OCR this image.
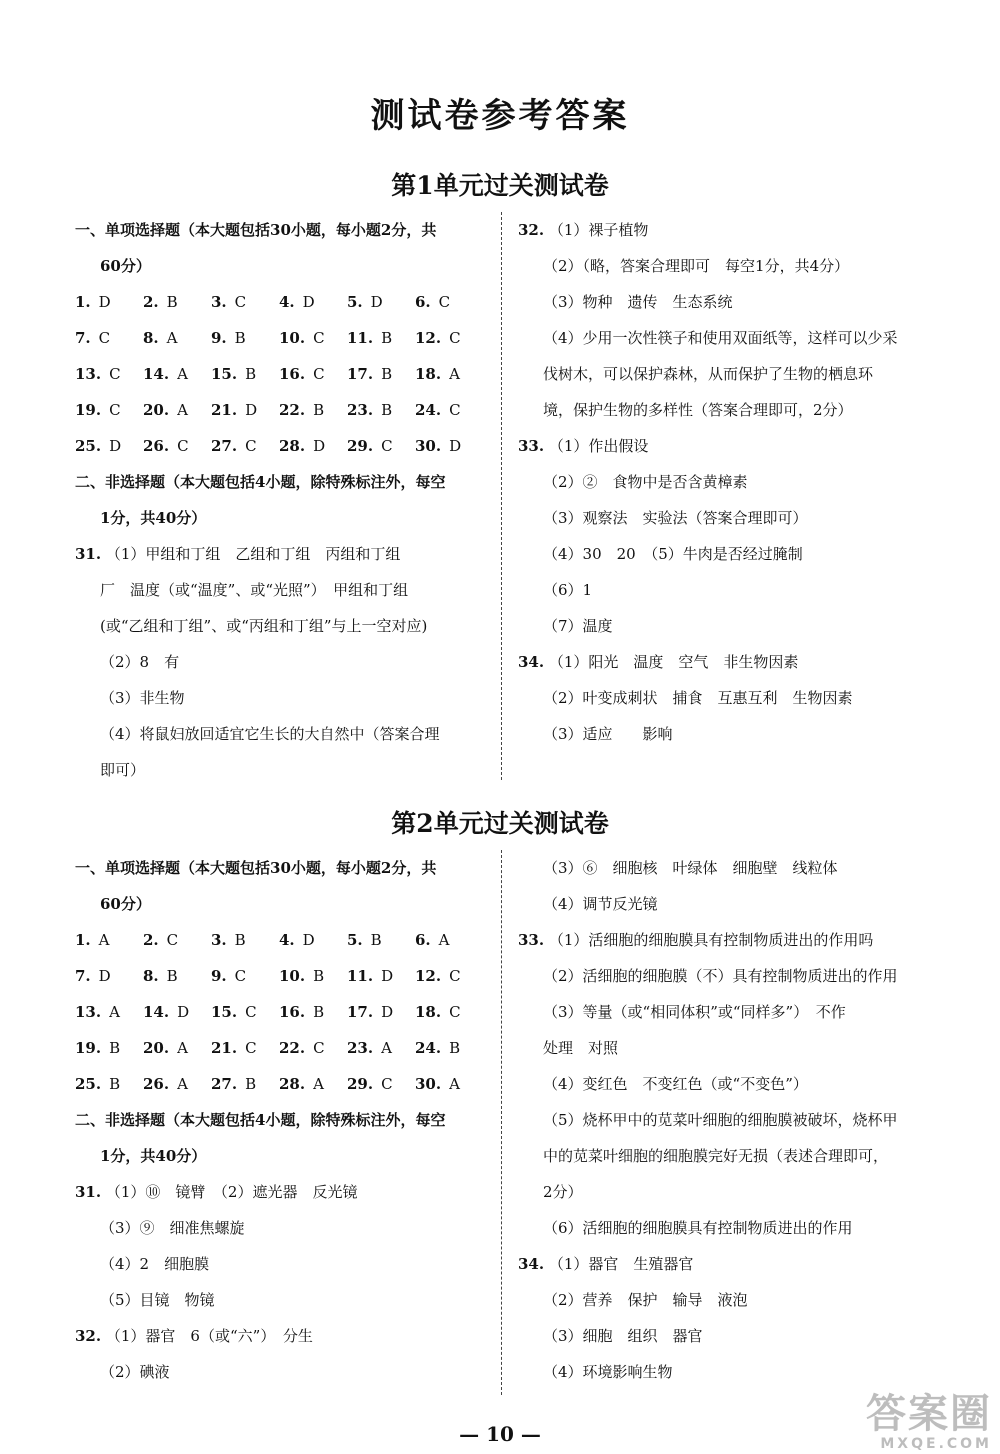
测试卷参考答案
第1单元过关测试卷
一、单项选择题（本大题包括30小题，每小题2分，共
60分）
1. D	2. B	3. C	4. D	5. D	6. C
7. C	8. A	9. B	10. C	11. B	12. C
13. C	14. A	15. B	16. C	17. B	18. A
19. C	20. A	21. D	22. B	23. B	24. C
25. D	26. C	27. C	28. D	29. C	30. D
二、非选择题（本大题包括4小题，除特殊标注外，每空
1分，共40分）
31. （1）甲组和丁组　乙组和丁组　丙组和丁组
厂　温度（或“温度”、或“光照”）　甲组和丁组
(或“乙组和丁组”、或“丙组和丁组”与上一空对应)
（2）8　有
（3）非生物
（4）将鼠妇放回适宜它生长的大自然中（答案合理
即可）
32. （1）裸子植物
（2）（略，答案合理即可　每空1分，共4分）
（3）物种　遗传　生态系统
（4）少用一次性筷子和使用双面纸等，这样可以少采
伐树木，可以保护森林，从而保护了生物的栖息环
境，保护生物的多样性（答案合理即可，2分）
33. （1）作出假设
（2）②　食物中是否含黄樟素
（3）观察法　实验法（答案合理即可）
（4）30　20　（5）牛肉是否经过腌制
（6）1
（7）温度
34. （1）阳光　温度　空气　非生物因素
（2）叶变成刺状　捕食　互惠互利　生物因素
（3）适应　　影响
第2单元过关测试卷
一、单项选择题（本大题包括30小题，每小题2分，共
60分）
1. A	2. C	3. B	4. D	5. B	6. A
7. D	8. B	9. C	10. B	11. D	12. C
13. A	14. D	15. C	16. B	17. D	18. C
19. B	20. A	21. C	22. C	23. A	24. B
25. B	26. A	27. B	28. A	29. C	30. A
二、非选择题（本大题包括4小题，除特殊标注外，每空
1分，共40分）
31. （1）⑩　镜臂　（2）遮光器　反光镜
（3）⑨　细准焦螺旋
（4）2　细胞膜
（5）目镜　物镜
32. （1）器官　6（或“六”）　分生
（2）碘液
（3）⑥　细胞核　叶绿体　细胞壁　线粒体
（4）调节反光镜
33. （1）活细胞的细胞膜具有控制物质进出的作用吗
（2）活细胞的细胞膜（不）具有控制物质进出的作用
（3）等量（或“相同体积”或“同样多”）　不作
处理　对照
（4）变红色　不变红色（或“不变色”）
（5）烧杯甲中的苋菜叶细胞的细胞膜被破坏，烧杯甲
中的苋菜叶细胞的细胞膜完好无损（表述合理即可，
2分）
（6）活细胞的细胞膜具有控制物质进出的作用
34. （1）器官　生殖器官
（2）营养　保护　输导　液泡
（3）细胞　组织　器官
（4）环境影响生物
— 10 —	答案圈
MXQE.COM
